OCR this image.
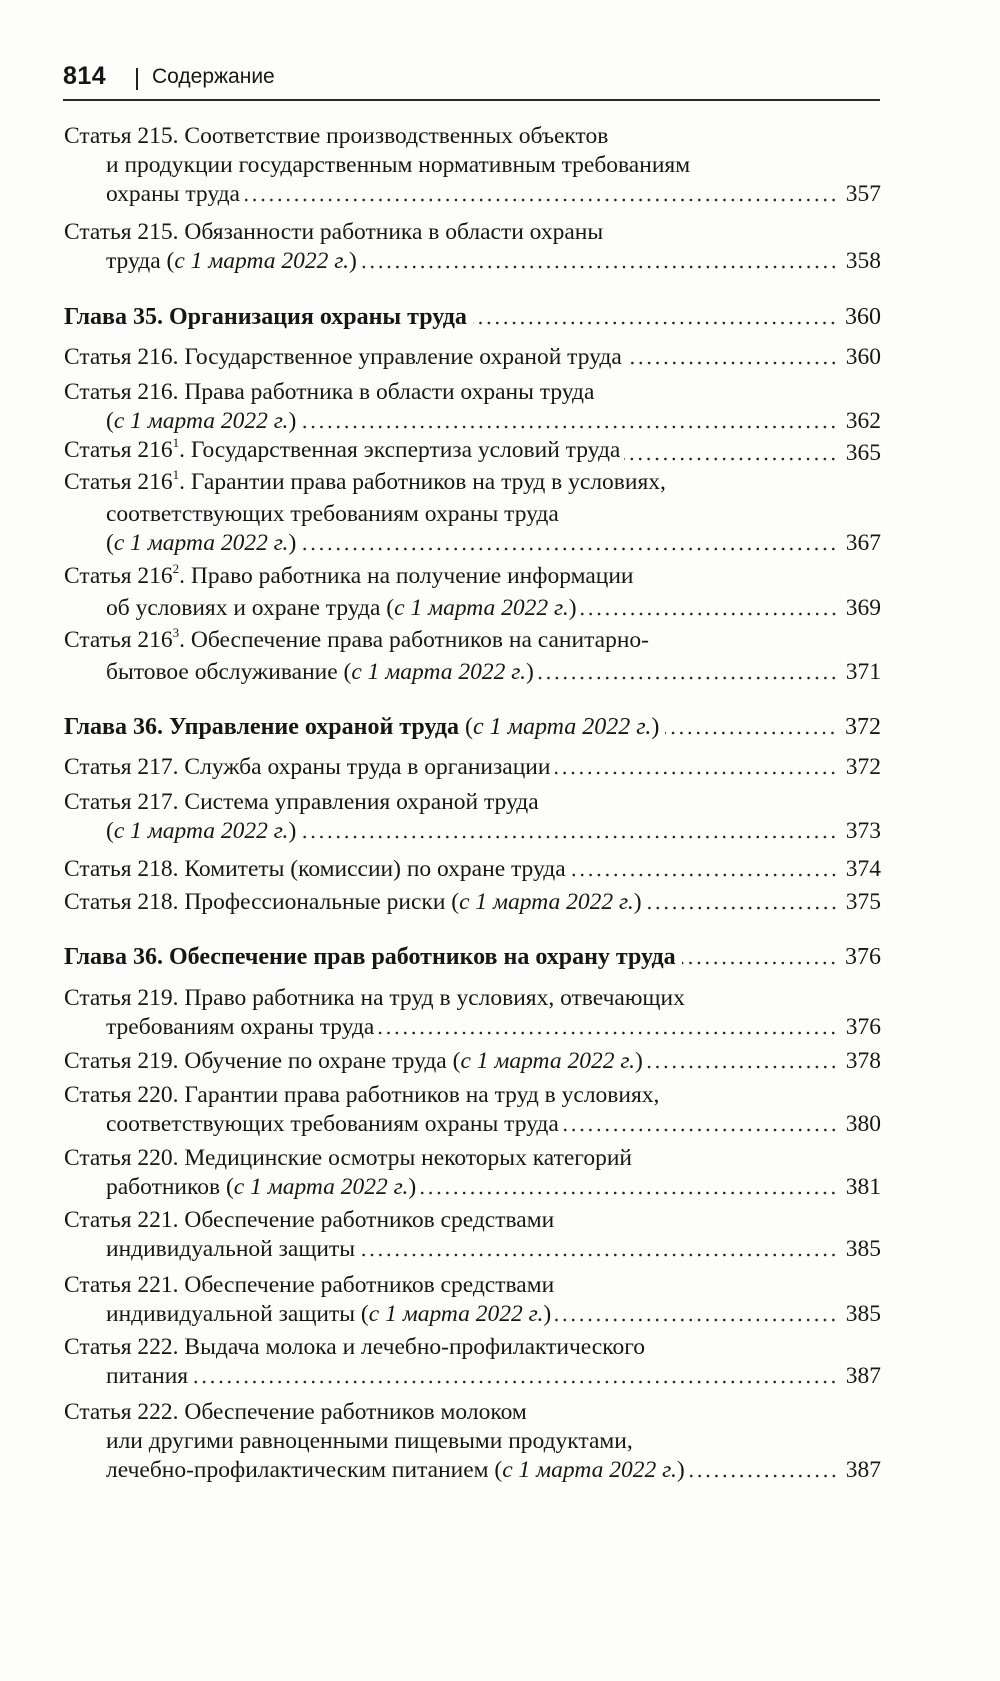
814 Содержание
Статья 215. Соответствие производственных объектов
и продукции государственным нормативным требованиям
охраны труда	357
Статья 215. Обязанности работника в области охраны
труда (с 1 марта 2022 г.)	358
Глава 35. Организация охраны труда	360
Статья 216. Государственное управление охраной труда	360
Статья 216. Права работника в области охраны труда
(с 1 марта 2022 г.)	362
Статья $216^1$. Государственная экспертиза условий труда	365
Статья $216^1$. Гарантии права работников на труд в условиях,
соответствующих требованиям охраны труда
(с 1 марта 2022 г.)	367
Статья $216^2$. Право работника на получение информации
об условиях и охране труда (с 1 марта 2022 г.)	369
Статья $216^3$. Обеспечение права работников на санитарно-
бытовое обслуживание (с 1 марта 2022 г.)	371
Глава 36. Управление охраной труда (с 1 марта 2022 г.)	372
Статья 217. Служба охраны труда в организации	372
Статья 217. Система управления охраной труда
(с 1 марта 2022 г.)	373
Статья 218. Комитеты (комиссии) по охране труда	374
Статья 218. Профессиональные риски (с 1 марта 2022 г.)	375
Глава 36. Обеспечение прав работников на охрану труда	376
Статья 219. Право работника на труд в условиях, отвечающих
требованиям охраны труда	376
Статья 219. Обучение по охране труда (с 1 марта 2022 г.)	378
Статья 220. Гарантии права работников на труд в условиях,
соответствующих требованиям охраны труда	380
Статья 220. Медицинские осмотры некоторых категорий
работников (с 1 марта 2022 г.)	381
Статья 221. Обеспечение работников средствами
индивидуальной защиты	385
Статья 221. Обеспечение работников средствами
индивидуальной защиты (с 1 марта 2022 г.)	385
Статья 222. Выдача молока и лечебно-профилактического
питания	387
Статья 222. Обеспечение работников молоком
или другими равноценными пищевыми продуктами,
лечебно-профилактическим питанием (с 1 марта 2022 г.)	387
